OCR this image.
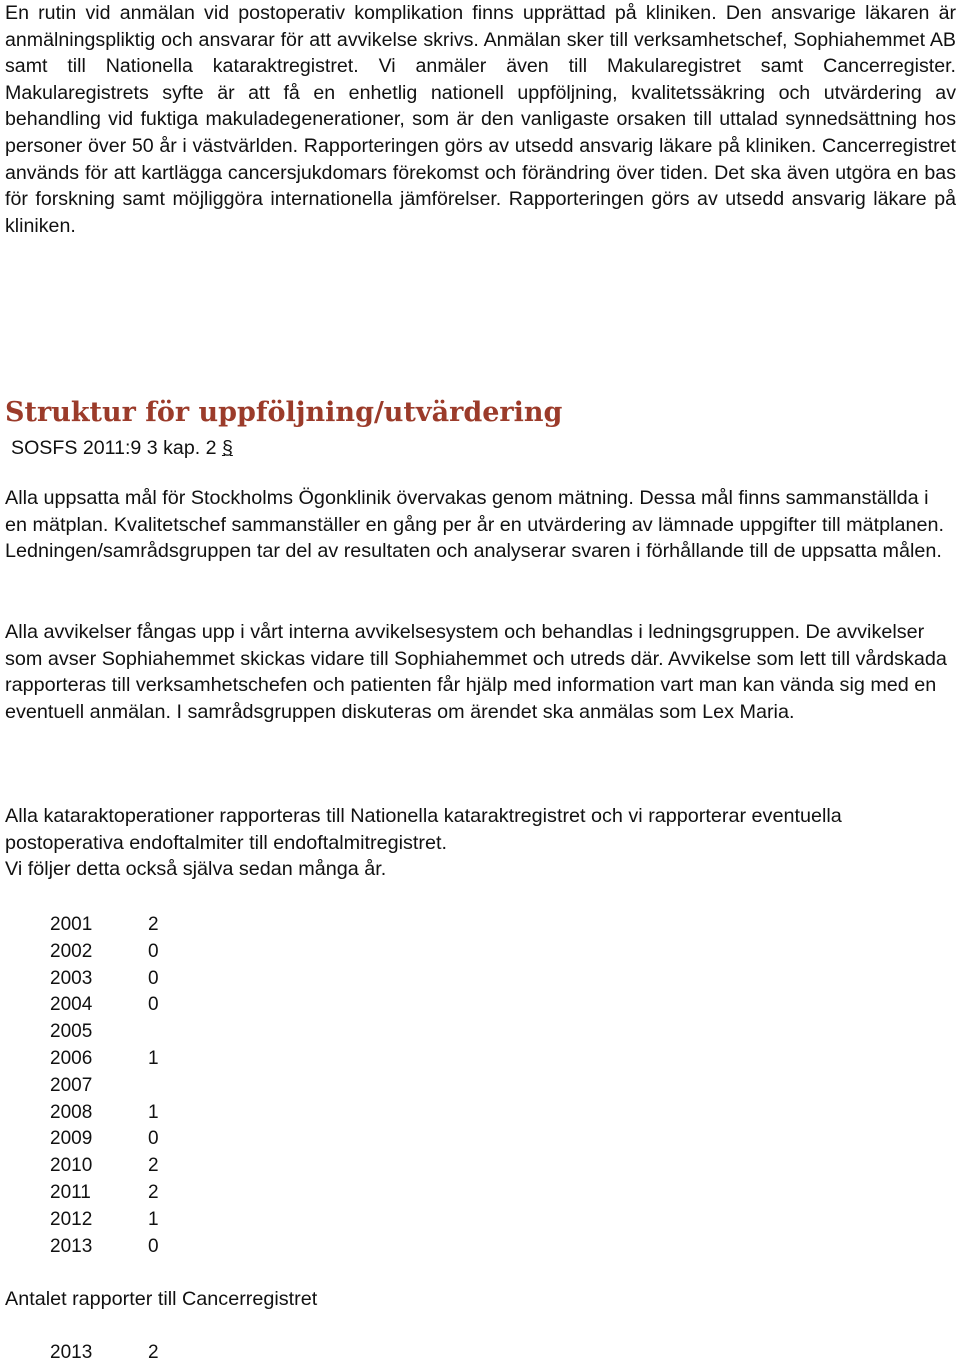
En rutin vid anmälan vid postoperativ komplikation finns upprättad på kliniken. Den ansvarige läkaren är anmälningspliktig och ansvarar för att avvikelse skrivs. Anmälan sker till verksamhetschef, Sophiahemmet AB samt till Nationella kataraktregistret. Vi anmäler även till Makularegistret samt Cancerregister. Makularegistrets syfte är att få en enhetlig nationell uppföljning, kvalitetssäkring och utvärdering av behandling vid fuktiga makuladegenerationer, som är den vanligaste orsaken till uttalad synnedsättning hos personer över 50 år i västvärlden. Rapporteringen görs av utsedd ansvarig läkare på kliniken. Cancerregistret används för att kartlägga cancersjukdomars förekomst och förändring över tiden. Det ska även utgöra en bas för forskning samt möjliggöra internationella jämförelser. Rapporteringen görs av utsedd ansvarig läkare på kliniken.

Struktur för uppföljning/utvärdering

SOSFS 2011:9 3 kap. 2 §

Alla uppsatta mål för Stockholms Ögonklinik övervakas genom mätning. Dessa mål finns sammanställda i en mätplan. Kvalitetschef sammanställer en gång per år en utvärdering av lämnade uppgifter till mätplanen. Ledningen/samrådsgruppen tar del av resultaten och analyserar svaren i förhållande till de uppsatta målen.

Alla avvikelser fångas upp i vårt interna avvikelsesystem och behandlas i ledningsgruppen. De avvikelser som avser Sophiahemmet skickas vidare till Sophiahemmet och utreds där. Avvikelse som lett till vårdskada rapporteras till verksamhetschefen och patienten får hjälp med information vart man kan vända sig med en eventuell anmälan. I samrådsgruppen diskuteras om ärendet ska anmälas som Lex Maria.

Alla kataraktoperationer rapporteras till Nationella kataraktregistret och vi rapporterar eventuella postoperativa endoftalmiter till endoftalmitregistret.
Vi följer detta också själva sedan många år.

2001	2
2002	0
2003	0
2004	0
2005
2006	1
2007
2008	1
2009	0
2010	2
2011	2
2012	1
2013	0

Antalet rapporter till Cancerregistret

2013	2
